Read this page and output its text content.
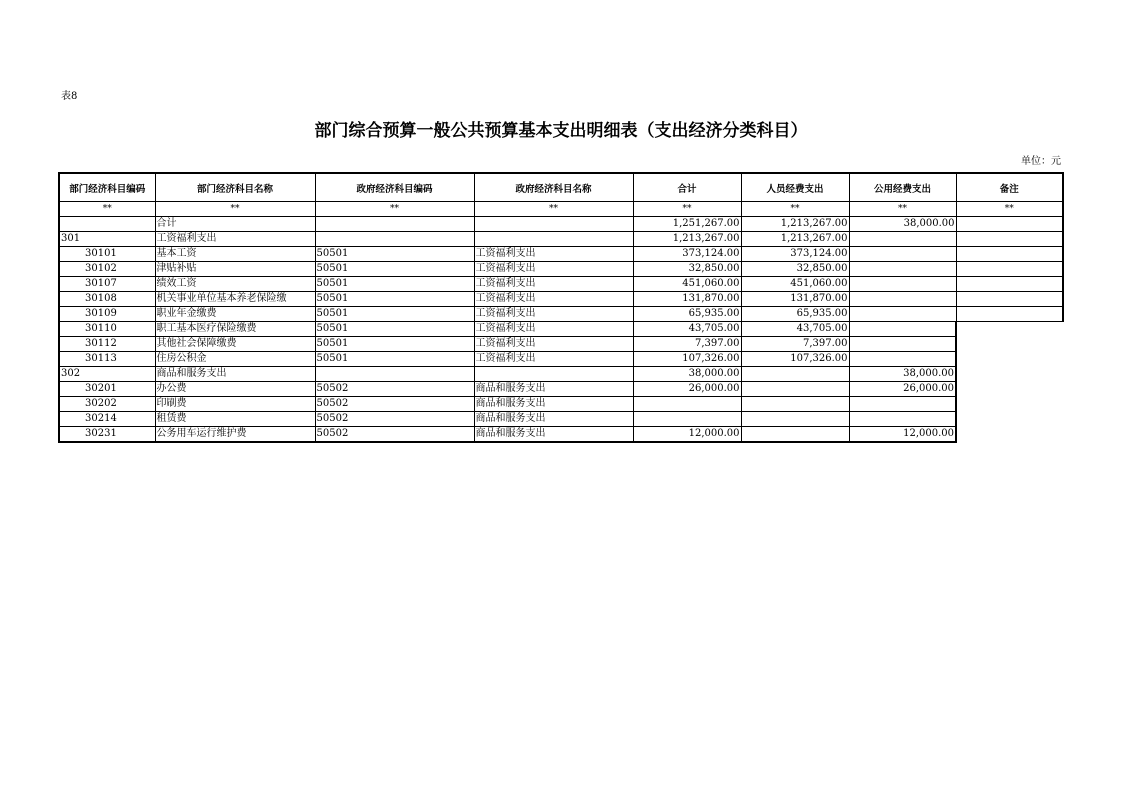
表8
部门综合预算一般公共预算基本支出明细表（支出经济分类科目）
单位：元
部门经济科目编码	部门经济科目名称	政府经济科目编码	政府经济科目名称	合计	人员经费支出	公用经费支出	备注
**	**	**	**	**	**	**	**
	合计			1,251,267.00	1,213,267.00	38,000.00	
301	工资福利支出			1,213,267.00	1,213,267.00		
30101	基本工资	50501	工资福利支出	373,124.00	373,124.00		
30102	津贴补贴	50501	工资福利支出	32,850.00	32,850.00		
30107	绩效工资	50501	工资福利支出	451,060.00	451,060.00		
30108	机关事业单位基本养老保险缴	50501	工资福利支出	131,870.00	131,870.00		
30109	职业年金缴费	50501	工资福利支出	65,935.00	65,935.00		
30110	职工基本医疗保险缴费	50501	工资福利支出	43,705.00	43,705.00		
30112	其他社会保障缴费	50501	工资福利支出	7,397.00	7,397.00		
30113	住房公积金	50501	工资福利支出	107,326.00	107,326.00		
302	商品和服务支出			38,000.00		38,000.00	
30201	办公费	50502	商品和服务支出	26,000.00		26,000.00	
30202	印刷费	50502	商品和服务支出				
30214	租赁费	50502	商品和服务支出				
30231	公务用车运行维护费	50502	商品和服务支出	12,000.00		12,000.00	
